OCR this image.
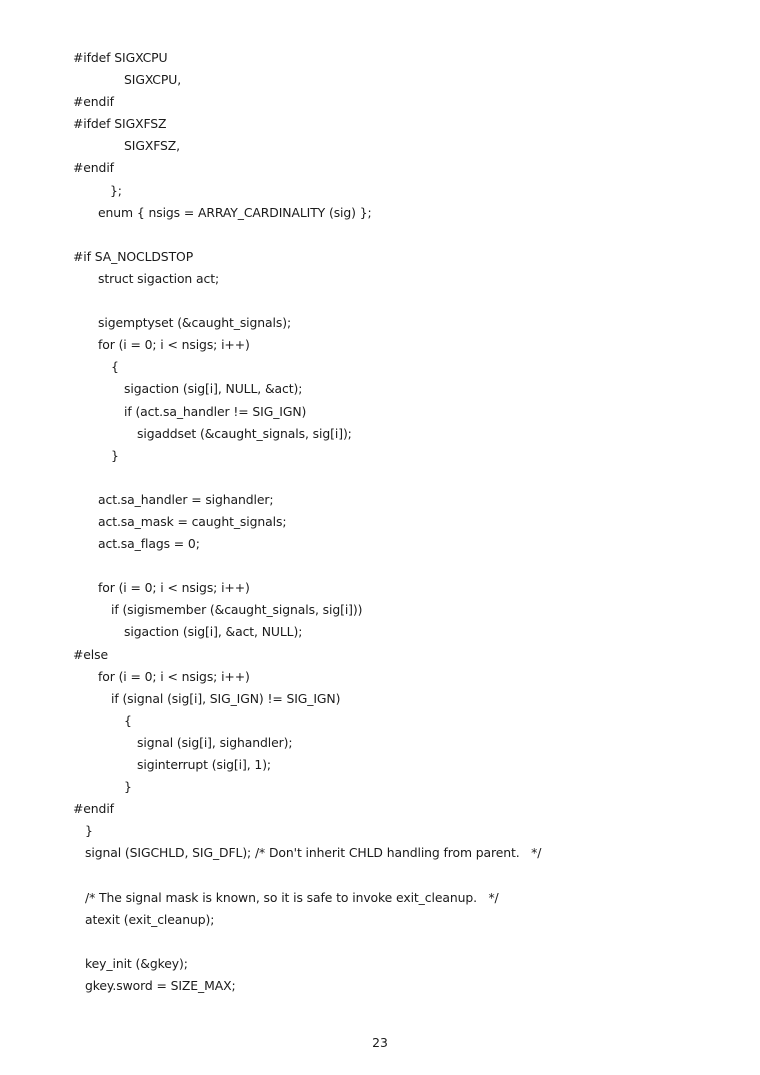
#ifdef SIGXCPU
SIGXCPU,
#endif
#ifdef SIGXFSZ
SIGXFSZ,
#endif
};
enum { nsigs = ARRAY_CARDINALITY (sig) };
#if SA_NOCLDSTOP
struct sigaction act;
sigemptyset (&caught_signals);
for (i = 0; i < nsigs; i++)
{
sigaction (sig[i], NULL, &act);
if (act.sa_handler != SIG_IGN)
sigaddset (&caught_signals, sig[i]);
}
act.sa_handler = sighandler;
act.sa_mask = caught_signals;
act.sa_flags = 0;
for (i = 0; i < nsigs; i++)
if (sigismember (&caught_signals, sig[i]))
sigaction (sig[i], &act, NULL);
#else
for (i = 0; i < nsigs; i++)
if (signal (sig[i], SIG_IGN) != SIG_IGN)
{
signal (sig[i], sighandler);
siginterrupt (sig[i], 1);
}
#endif
}
signal (SIGCHLD, SIG_DFL); /* Don't inherit CHLD handling from parent.   */
/* The signal mask is known, so it is safe to invoke exit_cleanup.   */
atexit (exit_cleanup);
key_init (&gkey);
gkey.sword = SIZE_MAX;
23
